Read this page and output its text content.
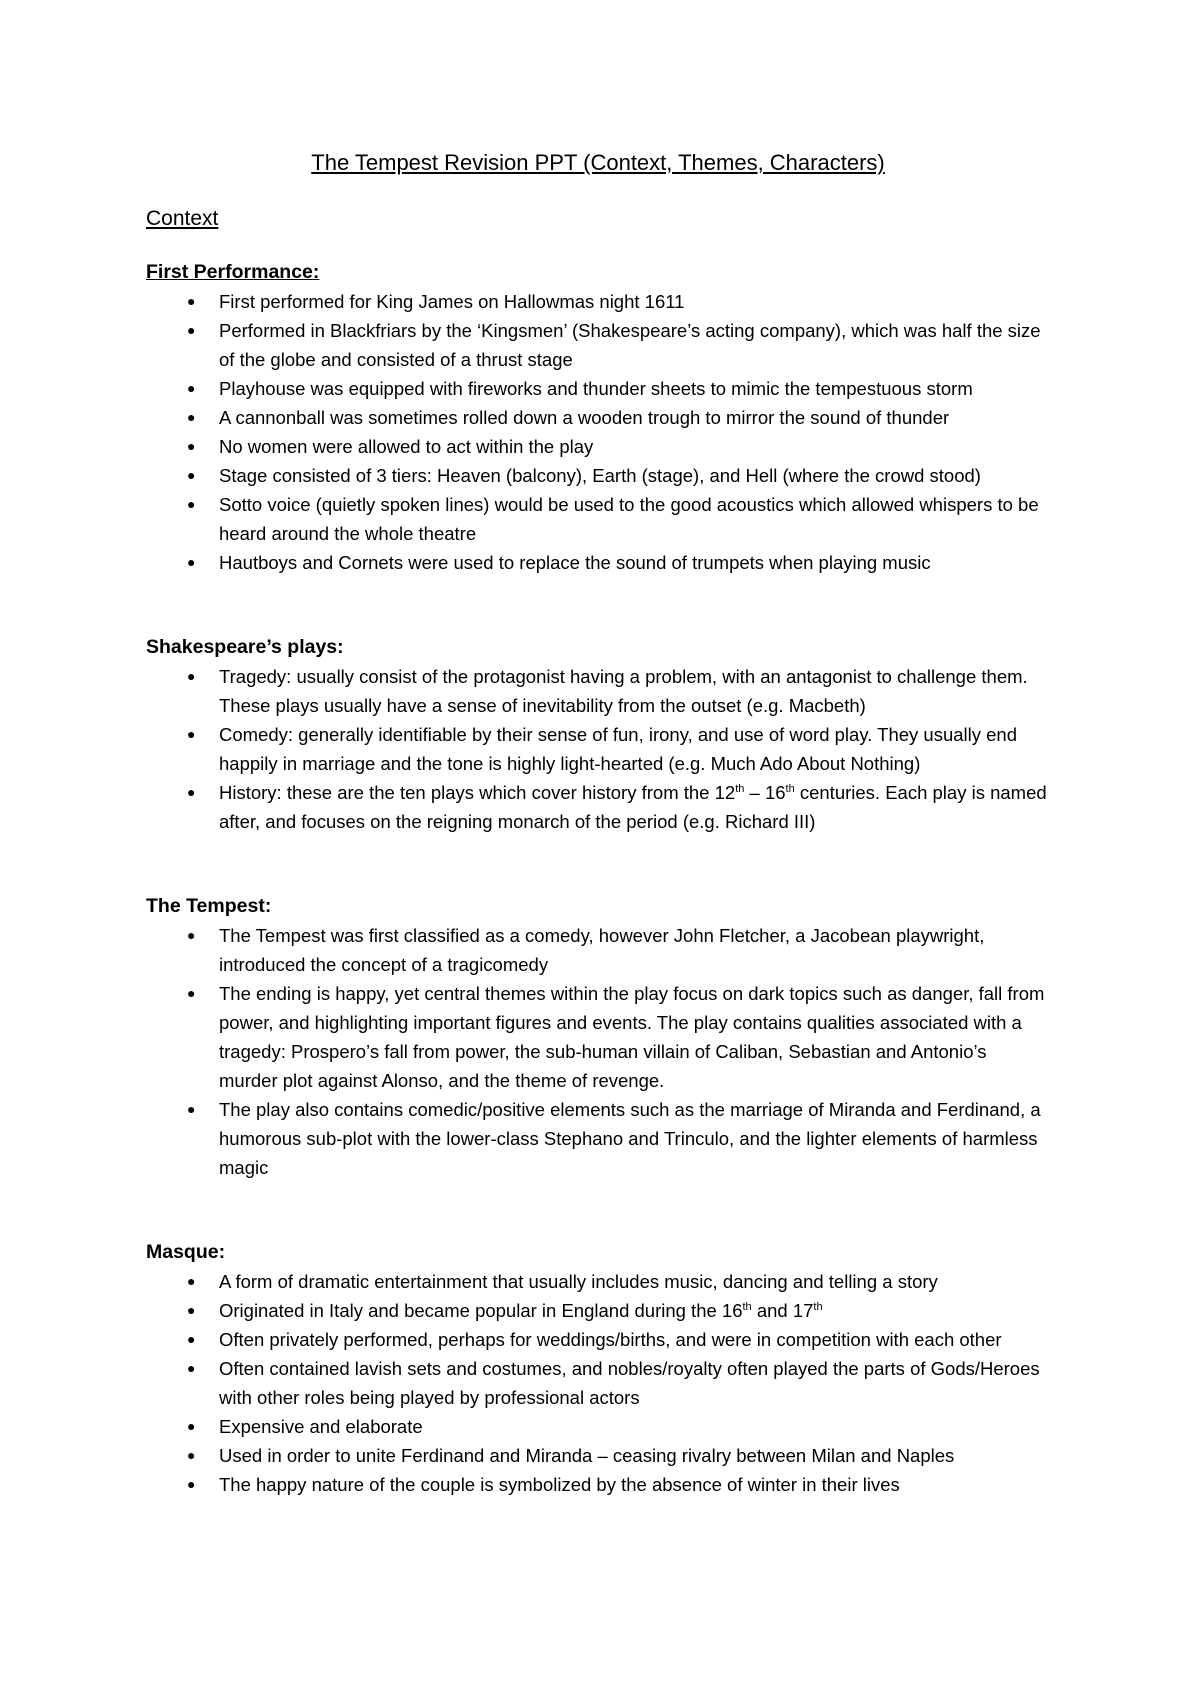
The Tempest Revision PPT (Context, Themes, Characters)
Context
First Performance:
● First performed for King James on Hallowmas night 1611
● Performed in Blackfriars by the ‘Kingsmen’ (Shakespeare’s acting company), which was half the size of the globe and consisted of a thrust stage
● Playhouse was equipped with fireworks and thunder sheets to mimic the tempestuous storm
● A cannonball was sometimes rolled down a wooden trough to mirror the sound of thunder
● No women were allowed to act within the play
● Stage consisted of 3 tiers: Heaven (balcony), Earth (stage), and Hell (where the crowd stood)
● Sotto voice (quietly spoken lines) would be used to the good acoustics which allowed whispers to be heard around the whole theatre
● Hautboys and Cornets were used to replace the sound of trumpets when playing music
Shakespeare’s plays:
● Tragedy: usually consist of the protagonist having a problem, with an antagonist to challenge them. These plays usually have a sense of inevitability from the outset (e.g. Macbeth)
● Comedy: generally identifiable by their sense of fun, irony, and use of word play. They usually end happily in marriage and the tone is highly light-hearted (e.g. Much Ado About Nothing)
● History: these are the ten plays which cover history from the 12th – 16th centuries. Each play is named after, and focuses on the reigning monarch of the period (e.g. Richard III)
The Tempest:
● The Tempest was first classified as a comedy, however John Fletcher, a Jacobean playwright, introduced the concept of a tragicomedy
● The ending is happy, yet central themes within the play focus on dark topics such as danger, fall from power, and highlighting important figures and events. The play contains qualities associated with a tragedy: Prospero’s fall from power, the sub-human villain of Caliban, Sebastian and Antonio’s murder plot against Alonso, and the theme of revenge.
● The play also contains comedic/positive elements such as the marriage of Miranda and Ferdinand, a humorous sub-plot with the lower-class Stephano and Trinculo, and the lighter elements of harmless magic
Masque:
● A form of dramatic entertainment that usually includes music, dancing and telling a story
● Originated in Italy and became popular in England during the 16th and 17th
● Often privately performed, perhaps for weddings/births, and were in competition with each other
● Often contained lavish sets and costumes, and nobles/royalty often played the parts of Gods/Heroes with other roles being played by professional actors
● Expensive and elaborate
● Used in order to unite Ferdinand and Miranda – ceasing rivalry between Milan and Naples
● The happy nature of the couple is symbolized by the absence of winter in their lives
